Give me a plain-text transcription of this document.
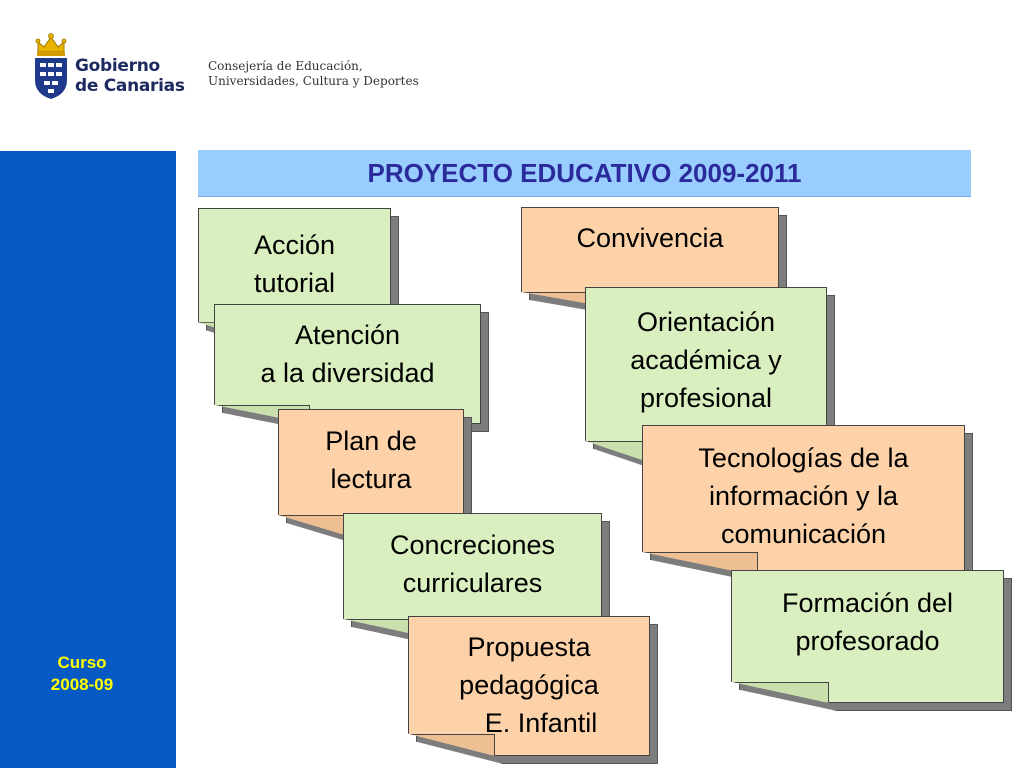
Gobierno
de Canarias
Consejería de Educación,
Universidades, Cultura y Deportes
Curso
2008-09
PROYECTO EDUCATIVO 2009-2011
Acción
tutorial
Convivencia
Atención
a la diversidad
Orientación
académica y
profesional
Plan de
lectura
Tecnologías de la
información y la
comunicación
Concreciones
curriculares
Formación del
profesorado
Propuesta
pedagógica
E. Infantil
